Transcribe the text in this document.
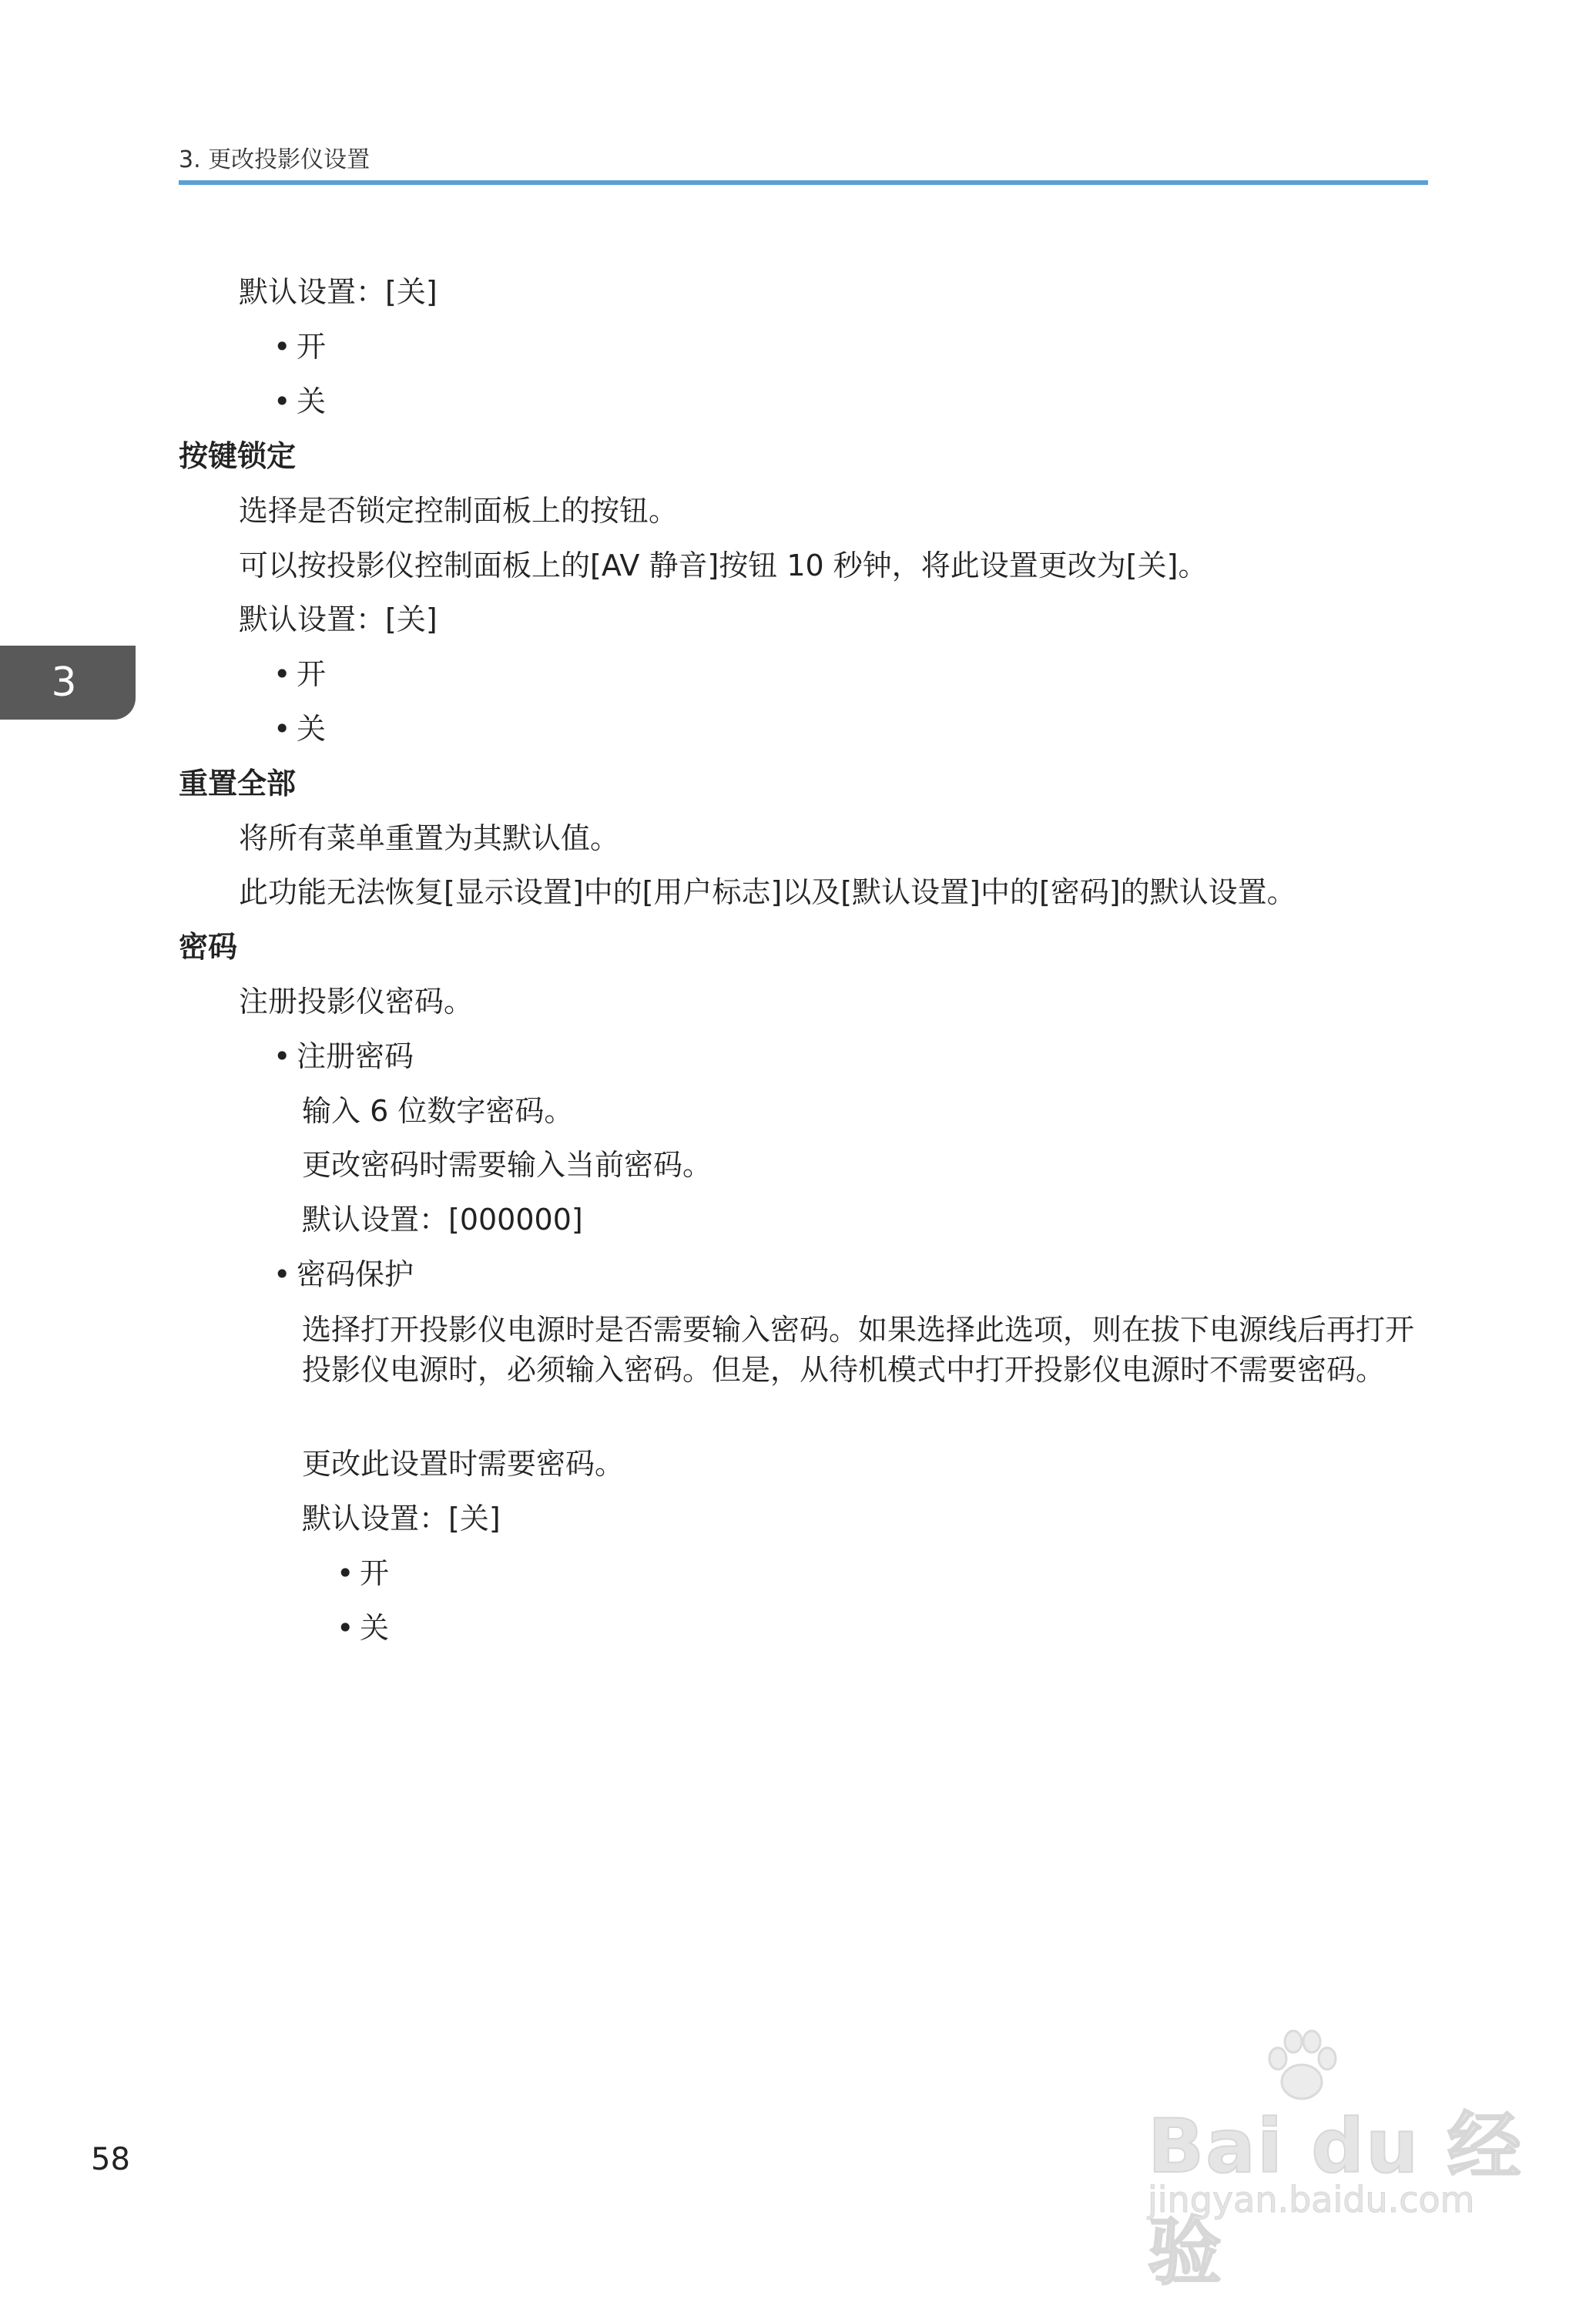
3. 更改投影仪设置
3
默认设置：[关]
• 开
• 关
按键锁定
选择是否锁定控制面板上的按钮。
可以按投影仪控制面板上的[AV 静音]按钮 10 秒钟，将此设置更改为[关]。
默认设置：[关]
• 开
• 关
重置全部
将所有菜单重置为其默认值。
此功能无法恢复[显示设置]中的[用户标志]以及[默认设置]中的[密码]的默认设置。
密码
注册投影仪密码。
• 注册密码
输入 6 位数字密码。
更改密码时需要输入当前密码。
默认设置：[000000]
• 密码保护
选择打开投影仪电源时是否需要输入密码。如果选择此选项，则在拔下电源线后再打开投影仪电源时，必须输入密码。但是，从待机模式中打开投影仪电源时不需要密码。
更改此设置时需要密码。
默认设置：[关]
• 开
• 关
58	Bai du 经验
jingyan.baidu.com
